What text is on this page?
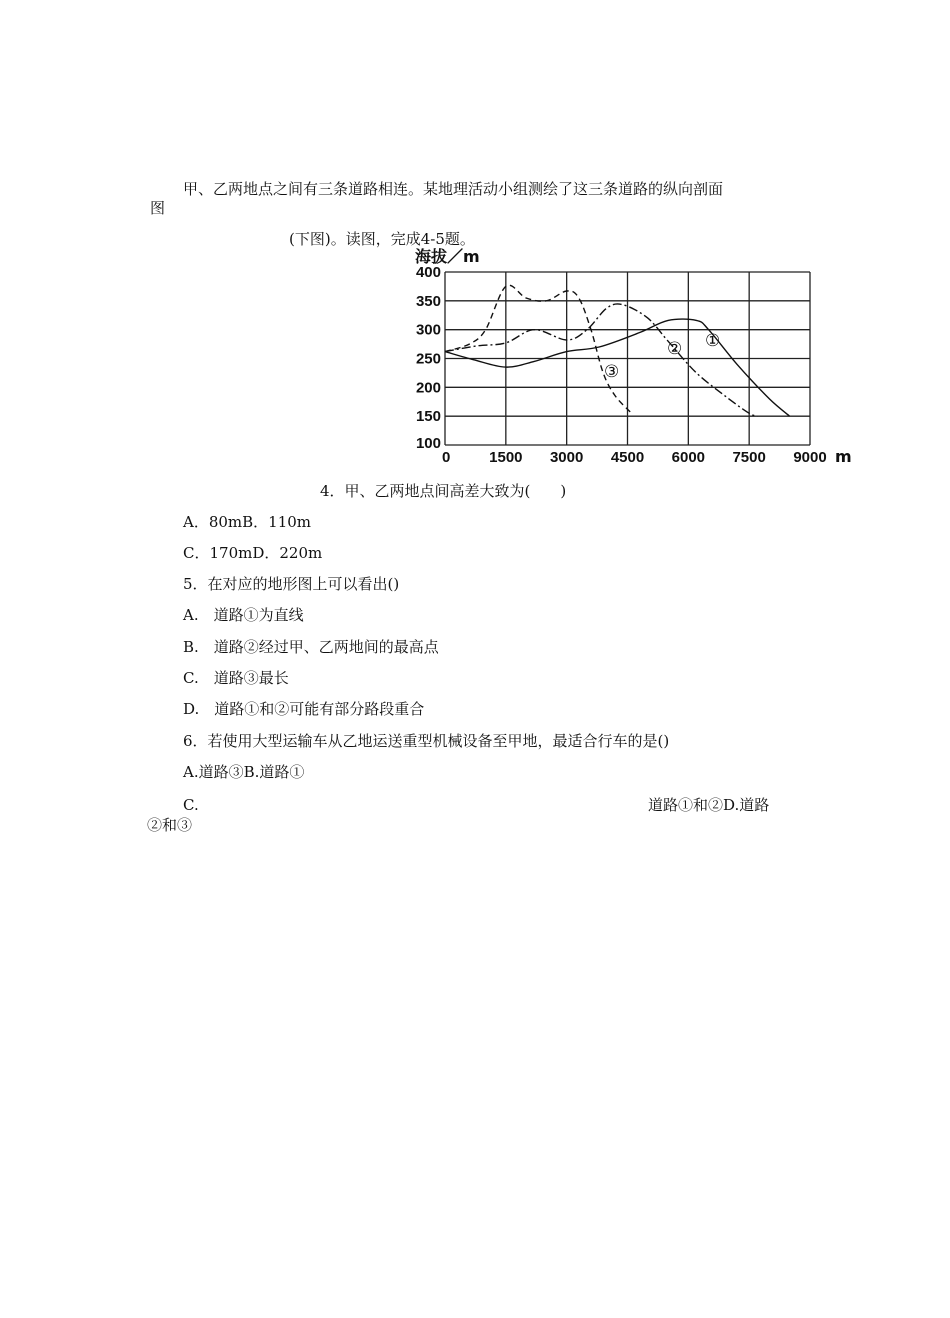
甲、乙两地点之间有三条道路相连。某地理活动小组测绘了这三条道路的纵向剖面
图
(下图)。读图，完成4-5题。
100
150
200
250
300
350
400
0	1500 3000 4500 6000 7500 9000
海拔／m
m
①
②
③
4．甲、乙两地点间高差大致为(　　)
A．80mB．110m
C．170mD．220m
5．在对应的地形图上可以看出()
A.　道路①为直线
B.　道路②经过甲、乙两地间的最高点
C.　道路③最长
D.　道路①和②可能有部分路段重合
6．若使用大型运输车从乙地运送重型机械设备至甲地，最适合行车的是()
A.道路③B.道路①
C.	道路①和②D.道路
②和③
